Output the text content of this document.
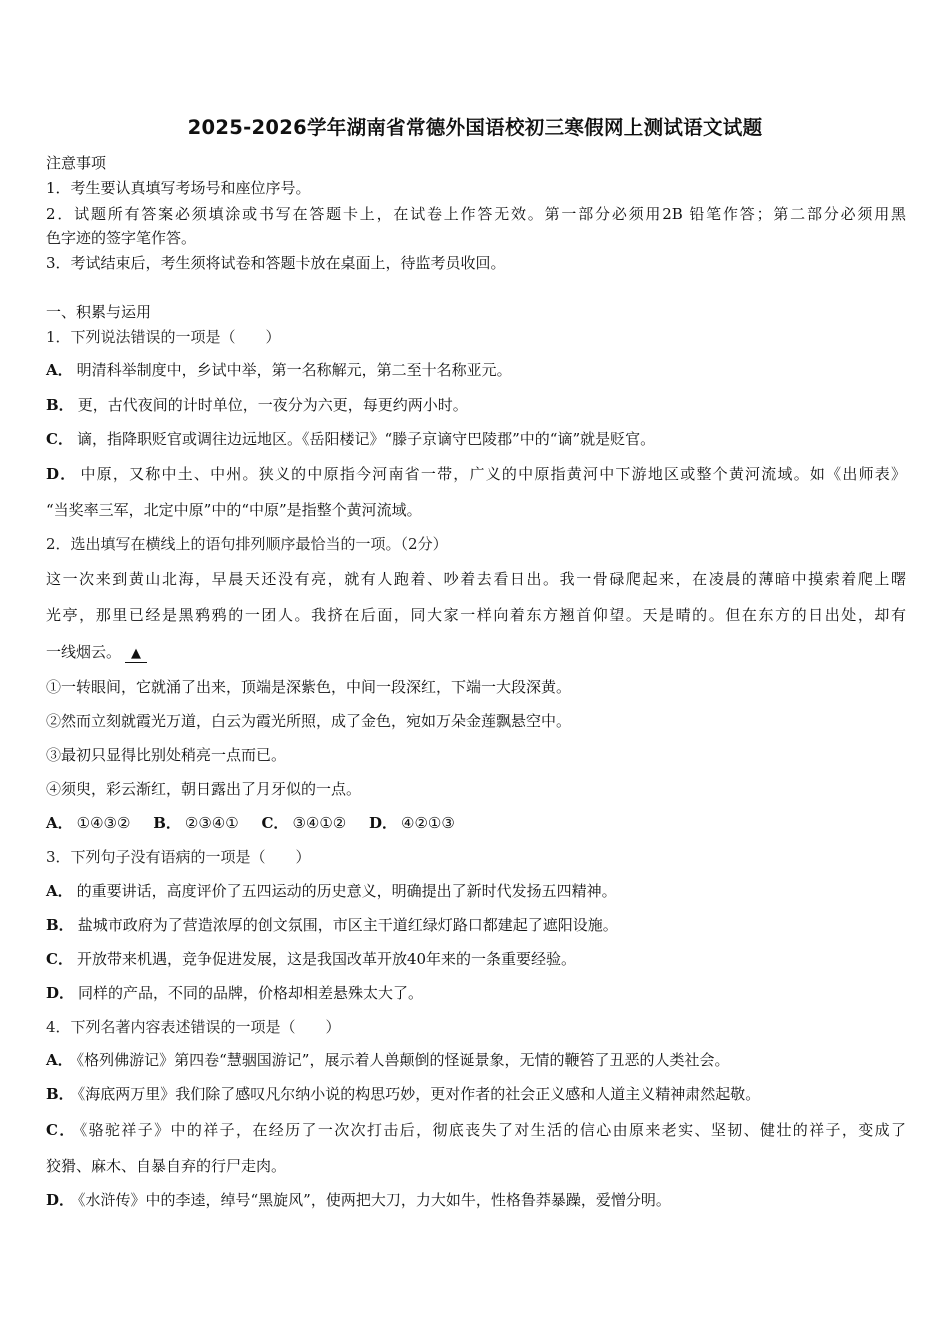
2025-2026学年湖南省常德外国语校初三寒假网上测试语文试题
注意事项
1．考生要认真填写考场号和座位序号。
2．试题所有答案必须填涂或书写在答题卡上，在试卷上作答无效。第一部分必须用2B 铅笔作答；第二部分必须用黑
色字迹的签字笔作答。
3．考试结束后，考生须将试卷和答题卡放在桌面上，待监考员收回。
一、积累与运用
1．下列说法错误的一项是（　　）
A． 明清科举制度中，乡试中举，第一名称解元，第二至十名称亚元。
B． 更，古代夜间的计时单位，一夜分为六更，每更约两小时。
C． 谪，指降职贬官或调往边远地区。《岳阳楼记》“滕子京谪守巴陵郡”中的“谪”就是贬官。
D． 中原，又称中土、中州。狭义的中原指今河南省一带，广义的中原指黄河中下游地区或整个黄河流域。如《出师表》
“当奖率三军，北定中原”中的“中原”是指整个黄河流域。
2．选出填写在横线上的语句排列顺序最恰当的一项。（2分）
这一次来到黄山北海，早晨天还没有亮，就有人跑着、吵着去看日出。我一骨碌爬起来，在凌晨的薄暗中摸索着爬上曙
光亭，那里已经是黑鸦鸦的一团人。我挤在后面，同大家一样向着东方翘首仰望。天是晴的。但在东方的日出处，却有
一线烟云。 ▲
①一转眼间，它就涌了出来，顶端是深紫色，中间一段深红，下端一大段深黄。
②然而立刻就霞光万道，白云为霞光所照，成了金色，宛如万朵金莲飘悬空中。
③最初只显得比别处稍亮一点而已。
④须臾，彩云渐红，朝日露出了月牙似的一点。
A． ①④③② B． ②③④① C． ③④①② D． ④②①③
3．下列句子没有语病的一项是（　　）
A． 的重要讲话，高度评价了五四运动的历史意义，明确提出了新时代发扬五四精神。
B． 盐城市政府为了营造浓厚的创文氛围，市区主干道红绿灯路口都建起了遮阳设施。
C． 开放带来机遇，竞争促进发展，这是我国改革开放40年来的一条重要经验。
D． 同样的产品，不同的品牌，价格却相差悬殊太大了。
4．下列名著内容表述错误的一项是（　　）
A． 《格列佛游记》第四卷“慧骃国游记”，展示着人兽颠倒的怪诞景象，无情的鞭笞了丑恶的人类社会。
B． 《海底两万里》我们除了感叹凡尔纳小说的构思巧妙，更对作者的社会正义感和人道主义精神肃然起敬。
C． 《骆驼祥子》中的祥子，在经历了一次次打击后，彻底丧失了对生活的信心由原来老实、坚韧、健壮的祥子，变成了
狡猾、麻木、自暴自弃的行尸走肉。
D． 《水浒传》中的李逵，绰号“黑旋风”，使两把大刀，力大如牛，性格鲁莽暴躁，爱憎分明。
